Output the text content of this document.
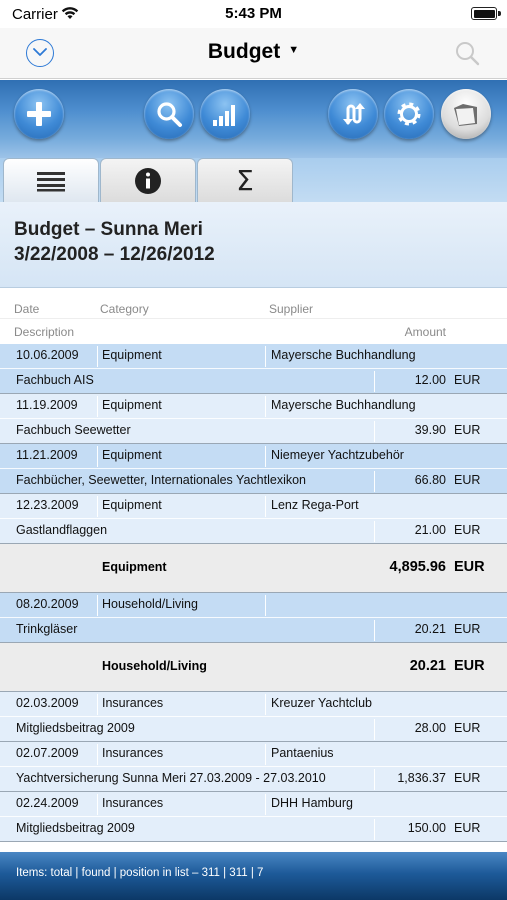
Carrier	5:43 PM
Budget ▼
Σ
Budget – Sunna Meri
3/22/2008 – 12/26/2012
Date	Category	Supplier
Description	Amount
10.06.2009	Equipment	Mayersche Buchhandlung
Fachbuch AIS	12.00 EUR
11.19.2009	Equipment	Mayersche Buchhandlung
Fachbuch Seewetter	39.90 EUR
11.21.2009	Equipment	Niemeyer Yachtzubehör
Fachbücher, Seewetter, Internationales Yachtlexikon	66.80 EUR
12.23.2009	Equipment	Lenz Rega-Port
Gastlandflaggen	21.00 EUR
Equipment	4,895.96 EUR
08.20.2009	Household/Living
Trinkgläser	20.21 EUR
Household/Living	20.21 EUR
02.03.2009	Insurances	Kreuzer Yachtclub
Mitgliedsbeitrag 2009	28.00 EUR
02.07.2009	Insurances	Pantaenius
Yachtversicherung Sunna Meri 27.03.2009 - 27.03.2010	1,836.37 EUR
02.24.2009	Insurances	DHH Hamburg
Mitgliedsbeitrag 2009	150.00 EUR
Items: total | found | position in list – 311 | 311 | 7
